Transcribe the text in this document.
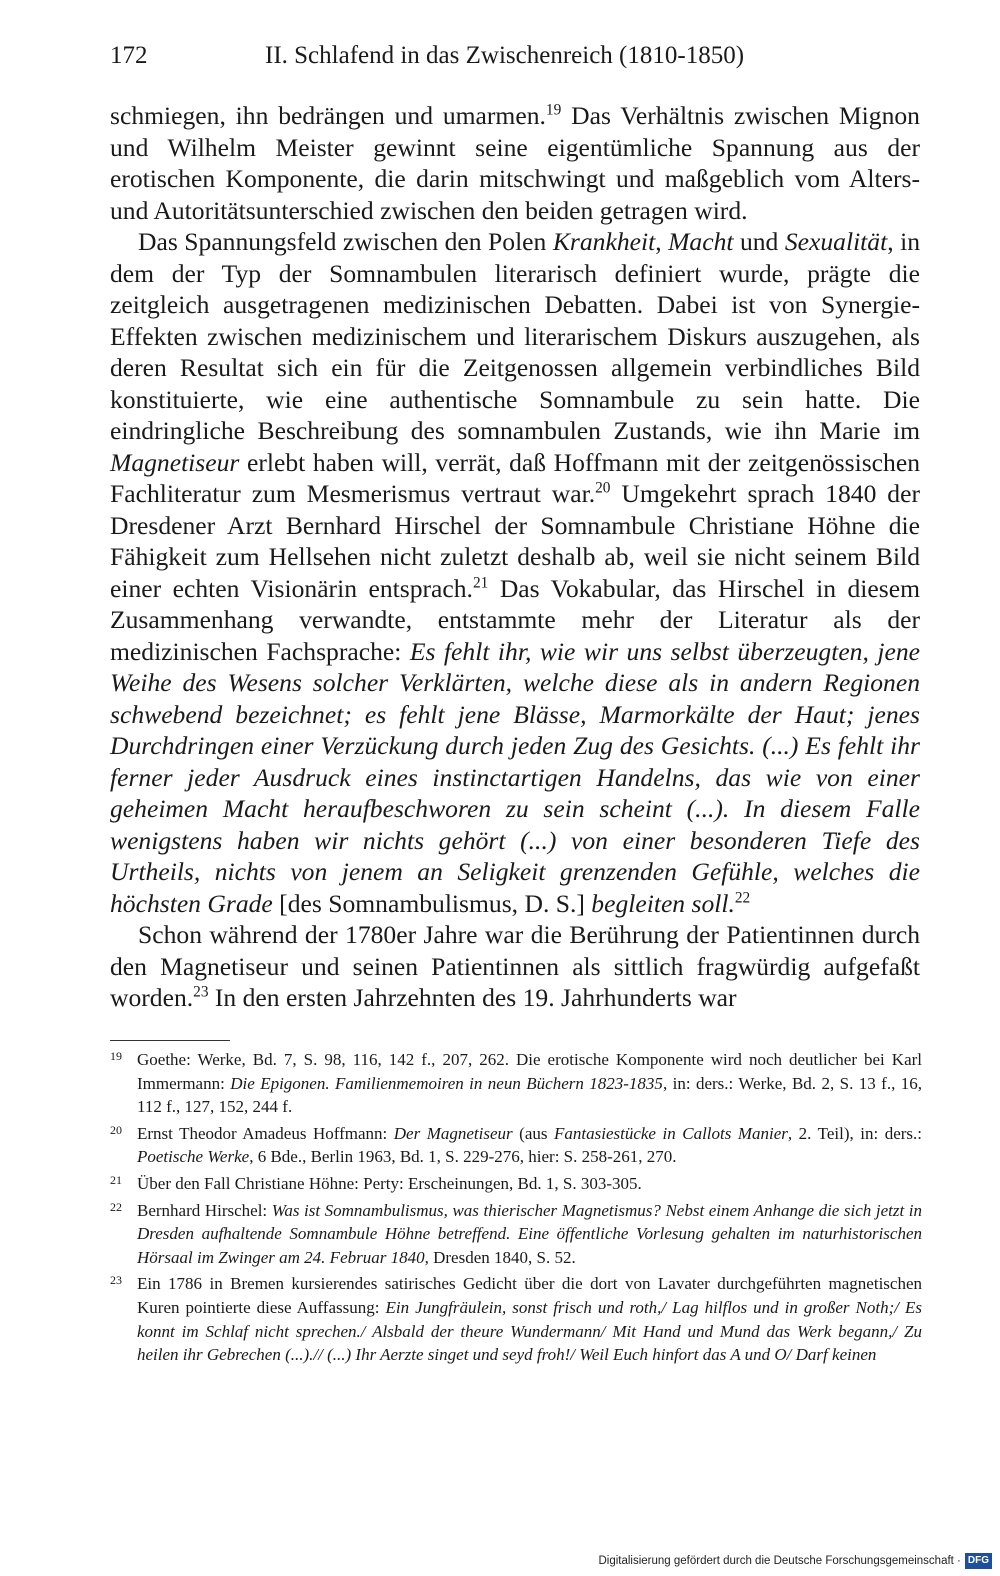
172	II. Schlafend in das Zwischenreich (1810-1850)

schmiegen, ihn bedrängen und umarmen.$^{19}$ Das Verhältnis zwischen Mignon und Wilhelm Meister gewinnt seine eigentümliche Spannung aus der erotischen Komponente, die darin mitschwingt und maßgeblich vom Alters- und Autoritätsunterschied zwischen den beiden getragen wird.

Das Spannungsfeld zwischen den Polen Krankheit, Macht und Sexualität, in dem der Typ der Somnambulen literarisch definiert wurde, prägte die zeitgleich ausgetragenen medizinischen Debatten. Dabei ist von Synergie-Effekten zwischen medizinischem und literarischem Diskurs auszugehen, als deren Resultat sich ein für die Zeitgenossen allgemein verbindliches Bild konstituierte, wie eine authentische Somnambule zu sein hatte. Die eindringliche Beschreibung des somnambulen Zustands, wie ihn Marie im Magnetiseur erlebt haben will, verrät, daß Hoffmann mit der zeitgenössischen Fachliteratur zum Mesmerismus vertraut war.$^{20}$ Umgekehrt sprach 1840 der Dresdener Arzt Bernhard Hirschel der Somnambule Christiane Höhne die Fähigkeit zum Hellsehen nicht zuletzt deshalb ab, weil sie nicht seinem Bild einer echten Visionärin entsprach.$^{21}$ Das Vokabular, das Hirschel in diesem Zusammenhang verwandte, entstammte mehr der Literatur als der medizinischen Fachsprache: Es fehlt ihr, wie wir uns selbst überzeugten, jene Weihe des Wesens solcher Verklärten, welche diese als in andern Regionen schwebend bezeichnet; es fehlt jene Blässe, Marmorkälte der Haut; jenes Durchdringen einer Verzückung durch jeden Zug des Gesichts. (...) Es fehlt ihr ferner jeder Ausdruck eines instinctartigen Handelns, das wie von einer geheimen Macht heraufbeschworen zu sein scheint (...). In diesem Falle wenigstens haben wir nichts gehört (...) von einer besonderen Tiefe des Urtheils, nichts von jenem an Seligkeit grenzenden Gefühle, welches die höchsten Grade [des Somnambulismus, D. S.] begleiten soll.$^{22}$

Schon während der 1780er Jahre war die Berührung der Patientinnen durch den Magnetiseur und seinen Patientinnen als sittlich fragwürdig aufgefaßt worden.$^{23}$ In den ersten Jahrzehnten des 19. Jahrhunderts war

19 Goethe: Werke, Bd. 7, S. 98, 116, 142 f., 207, 262. Die erotische Komponente wird noch deutlicher bei Karl Immermann: Die Epigonen. Familienmemoiren in neun Büchern 1823-1835, in: ders.: Werke, Bd. 2, S. 13 f., 16, 112 f., 127, 152, 244 f.
20 Ernst Theodor Amadeus Hoffmann: Der Magnetiseur (aus Fantasiestücke in Callots Manier, 2. Teil), in: ders.: Poetische Werke, 6 Bde., Berlin 1963, Bd. 1, S. 229-276, hier: S. 258-261, 270.
21 Über den Fall Christiane Höhne: Perty: Erscheinungen, Bd. 1, S. 303-305.
22 Bernhard Hirschel: Was ist Somnambulismus, was thierischer Magnetismus? Nebst einem Anhange die sich jetzt in Dresden aufhaltende Somnambule Höhne betreffend. Eine öffentliche Vorlesung gehalten im naturhistorischen Hörsaal im Zwinger am 24. Februar 1840, Dresden 1840, S. 52.
23 Ein 1786 in Bremen kursierendes satirisches Gedicht über die dort von Lavater durchgeführten magnetischen Kuren pointierte diese Auffassung: Ein Jungfräulein, sonst frisch und roth,/ Lag hilflos und in großer Noth;/ Es konnt im Schlaf nicht sprechen./ Alsbald der theure Wundermann/ Mit Hand und Mund das Werk begann,/ Zu heilen ihr Gebrechen (...).// (...) Ihr Aerzte singet und seyd froh!/ Weil Euch hinfort das A und O/ Darf keinen
Digitalisierung gefördert durch die Deutsche Forschungsgemeinschaft · DFG
